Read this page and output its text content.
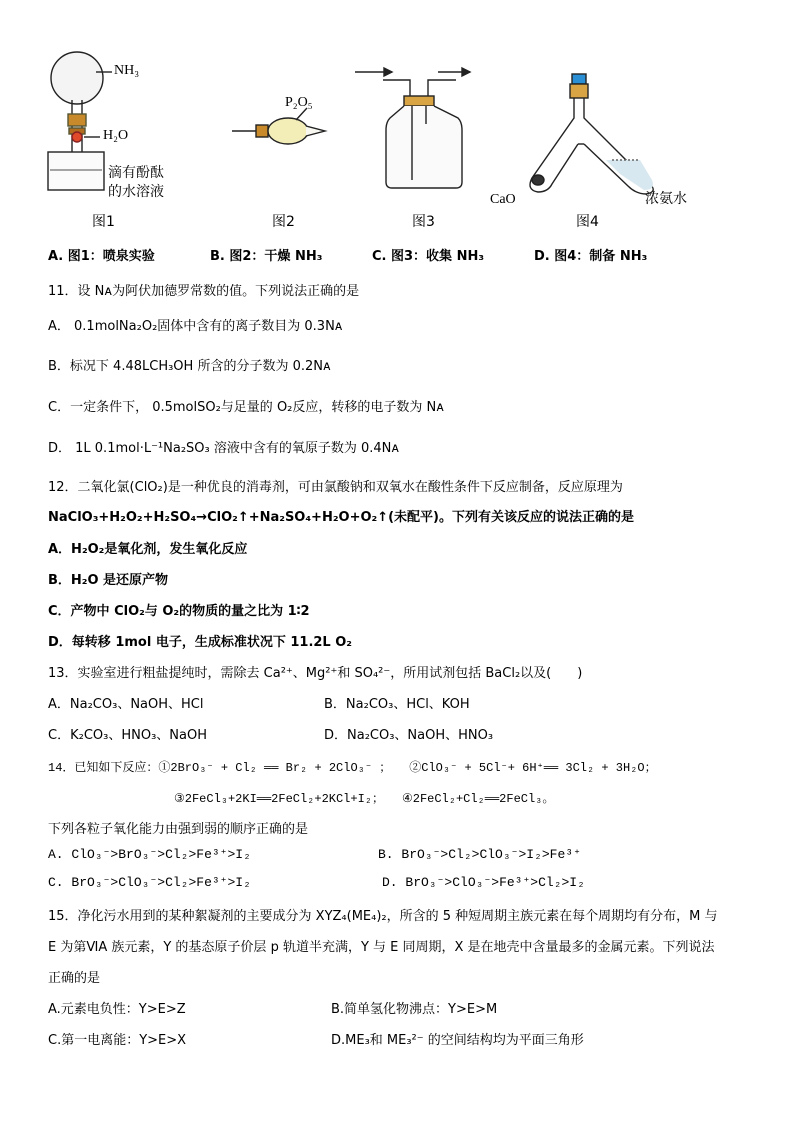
NH₃
H₂O
滴有酚酞
的水溶液
P₂O₅
CaO	浓氨水
图1	图2	图3	图4
A. 图1：喷泉实验	B. 图2：干燥 NH₃	C. 图3：收集 NH₃	D. 图4：制备 NH₃
11．设 Nᴀ为阿伏加德罗常数的值。下列说法正确的是
A． 0.1molNa₂O₂固体中含有的离子数目为 0.3Nᴀ
B．标况下 4.48LCH₃OH 所含的分子数为 0.2Nᴀ
C．一定条件下， 0.5molSO₂与足量的 O₂反应，转移的电子数为 Nᴀ
D． 1L 0.1mol·L⁻¹Na₂SO₃ 溶液中含有的氧原子数为 0.4Nᴀ
12．二氧化氯(ClO₂)是一种优良的消毒剂，可由氯酸钠和双氧水在酸性条件下反应制备，反应原理为
NaClO₃+H₂O₂+H₂SO₄→ClO₂↑+Na₂SO₄+H₂O+O₂↑(未配平)。下列有关该反应的说法正确的是
A．H₂O₂是氧化剂，发生氧化反应
B．H₂O 是还原产物
C．产物中 ClO₂与 O₂的物质的量之比为 1∶2
D．每转移 1mol 电子，生成标准状况下 11.2L O₂
13．实验室进行粗盐提纯时，需除去 Ca²⁺、Mg²⁺和 SO₄²⁻，所用试剂包括 BaCl₂以及(　　)
A．Na₂CO₃、NaOH、HCl	B．Na₂CO₃、HCl、KOH
C．K₂CO₃、HNO₃、NaOH	D．Na₂CO₃、NaOH、HNO₃
14．已知如下反应：①2BrO₃⁻ + Cl₂ ══ Br₂ + 2ClO₃⁻ ；　　②ClO₃⁻ + 5Cl⁻+ 6H⁺══ 3Cl₂ + 3H₂O；
③2FeCl₃+2KI══2FeCl₂+2KCl+I₂；　　④2FeCl₂+Cl₂══2FeCl₃。
下列各粒子氧化能力由强到弱的顺序正确的是
A. ClO₃⁻>BrO₃⁻>Cl₂>Fe³⁺>I₂	B. BrO₃⁻>Cl₂>ClO₃⁻>I₂>Fe³⁺
C. BrO₃⁻>ClO₃⁻>Cl₂>Fe³⁺>I₂	D. BrO₃⁻>ClO₃⁻>Fe³⁺>Cl₂>I₂
15．净化污水用到的某种絮凝剂的主要成分为 XYZ₄(ME₄)₂，所含的 5 种短周期主族元素在每个周期均有分布，M 与
E 为第ⅥA 族元素，Y 的基态原子价层 p 轨道半充满，Y 与 E 同周期，X 是在地壳中含量最多的金属元素。下列说法
正确的是
A.元素电负性：Y>E>Z	B.简单氢化物沸点：Y>E>M
C.第一电离能：Y>E>X	D.ME₃和 ME₃²⁻ 的空间结构均为平面三角形
